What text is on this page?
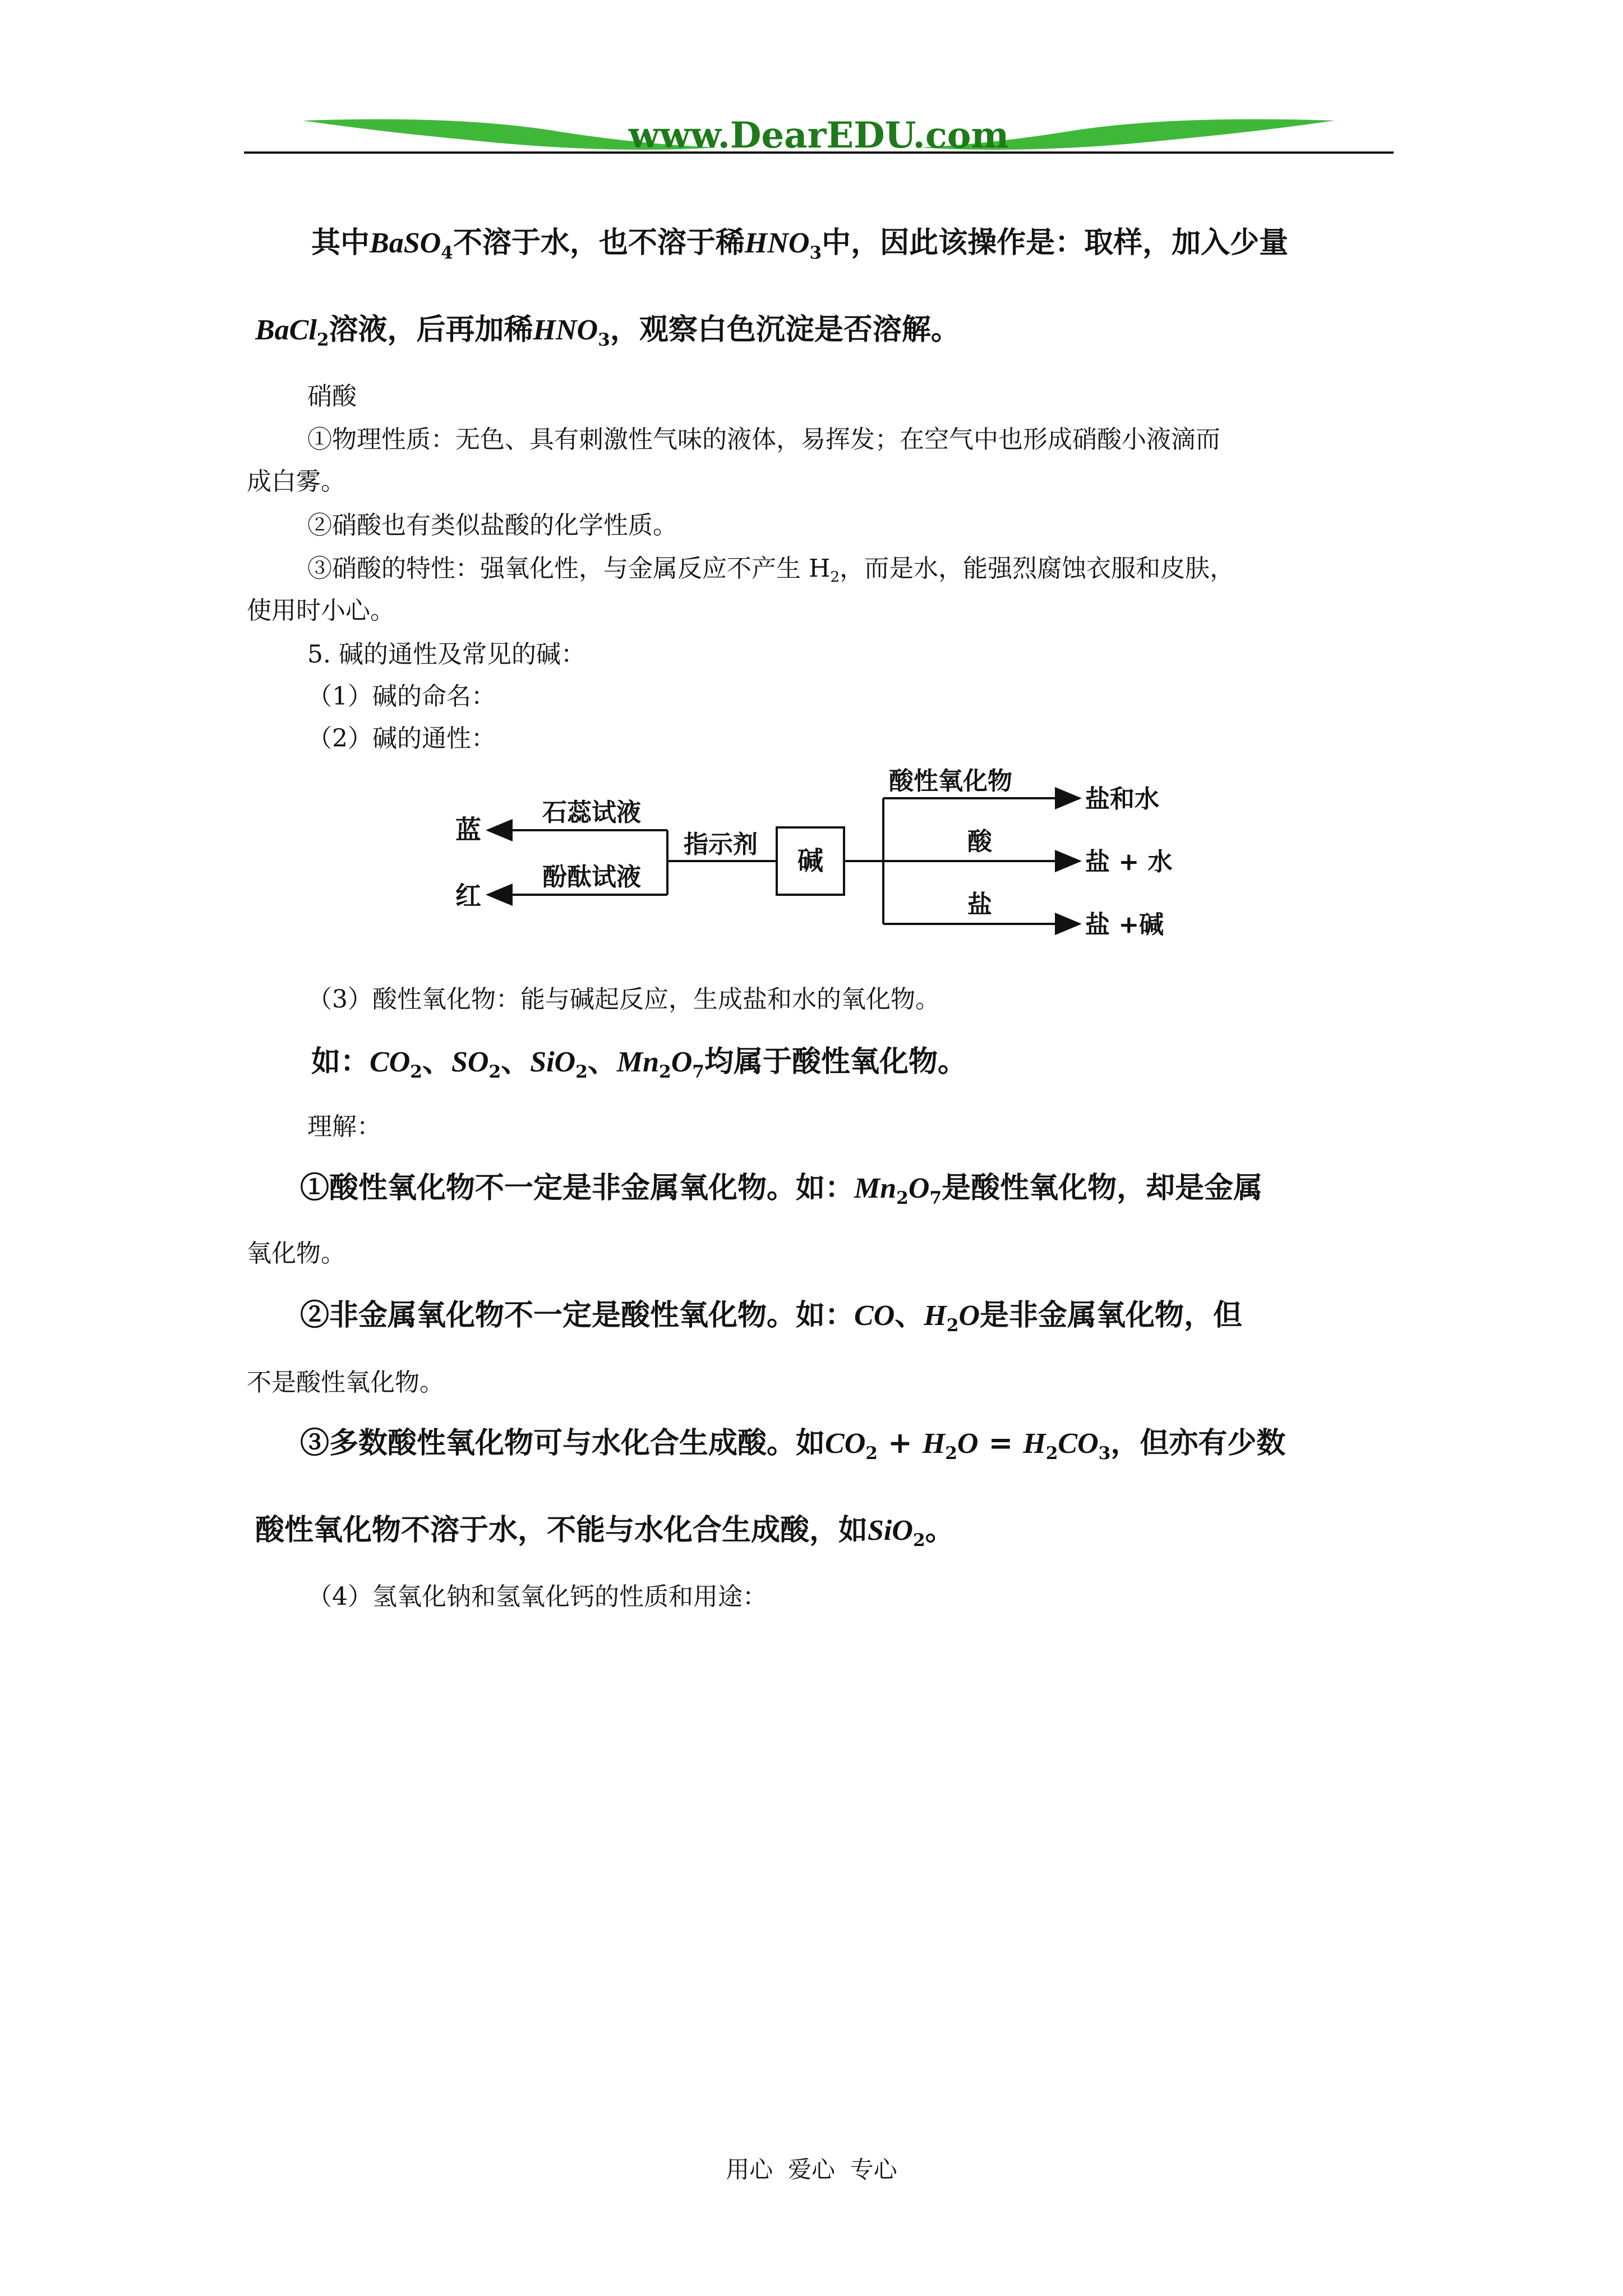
www.DearEDU.com
其中BaSO$_4$不溶于水，也不溶于稀$HNO_3$中，因此该操作是：取样，加入少量
BaCl$_2$溶液，后再加稀$HNO_3$，观察白色沉淀是否溶解。
硝酸
①物理性质：无色、具有刺激性气味的液体，易挥发；在空气中也形成硝酸小液滴而
成白雾。
②硝酸也有类似盐酸的化学性质。
③硝酸的特性：强氧化性，与金属反应不产生 $H_2$，而是水，能强烈腐蚀衣服和皮肤，
使用时小心。
5. 碱的通性及常见的碱：
（1）碱的命名：
（2）碱的通性：
碱
指示剂
石蕊试液
蓝
酚酞试液
红
酸性氧化物
酸
盐
盐和水
盐 + 水
盐 +碱
（3）酸性氧化物：能与碱起反应，生成盐和水的氧化物。
如：$CO_2$、$SO_2$、SiO$_2$、$Mn_2O_7$均属于酸性氧化物。
理解：
①酸性氧化物不一定是非金属氧化物。如：$Mn_2O_7$是酸性氧化物，却是金属
氧化物。
②非金属氧化物不一定是酸性氧化物。如：CO、$H_2O$是非金属氧化物，但
不是酸性氧化物。
③多数酸性氧化物可与水化合生成酸。如$CO_2 + H_2O = H_2CO_3$，但亦有少数
酸性氧化物不溶于水，不能与水化合生成酸，如SiO$_2$。
（4）氢氧化钠和氢氧化钙的性质和用途：
用心  爱心  专心
